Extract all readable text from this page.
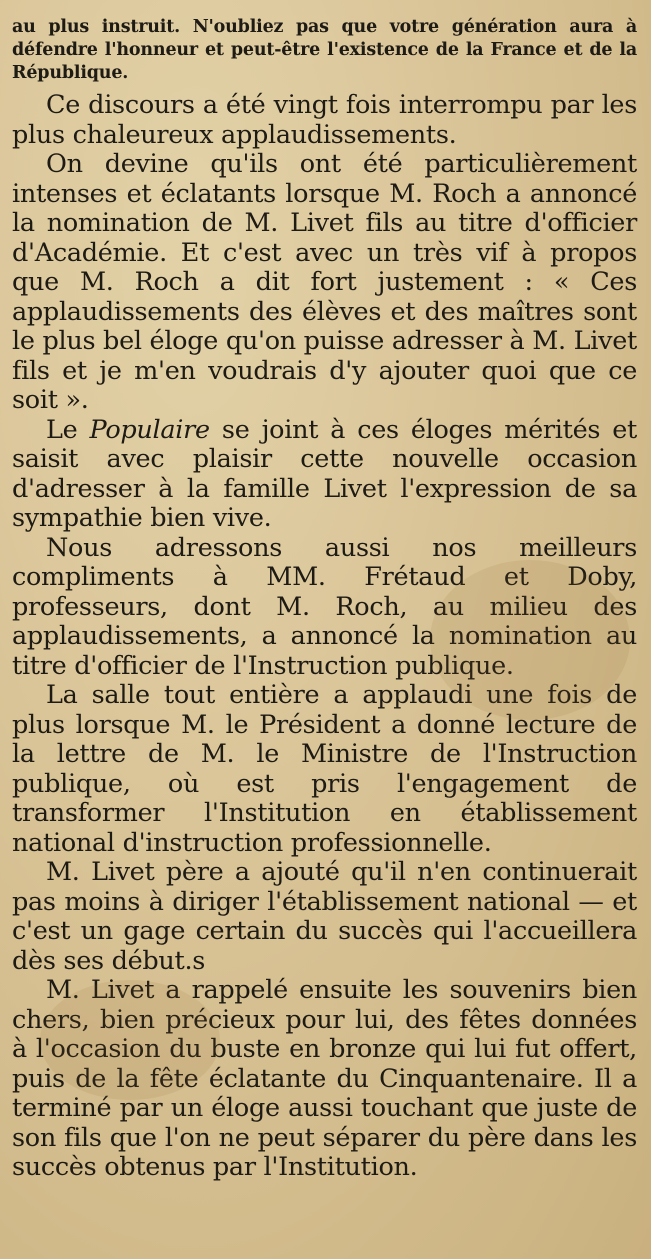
au plus instruit. N'oubliez pas que votre génération aura à défendre l'honneur et peut-être l'existence de la France et de la République.

Ce discours a été vingt fois interrompu par les plus chaleureux applaudissements.

On devine qu'ils ont été particulièrement intenses et éclatants lorsque M. Roch a annoncé la nomination de M. Livet fils au titre d'officier d'Académie. Et c'est avec un très vif à propos que M. Roch a dit fort justement : « Ces applaudissements des élèves et des maîtres sont le plus bel éloge qu'on puisse adresser à M. Livet fils et je m'en voudrais d'y ajouter quoi que ce soit ».

Le Populaire se joint à ces éloges mérités et saisit avec plaisir cette nouvelle occasion d'adresser à la famille Livet l'expression de sa sympathie bien vive.

Nous adressons aussi nos meilleurs compliments à MM. Frétaud et Doby, professeurs, dont M. Roch, au milieu des applaudissements, a annoncé la nomination au titre d'officier de l'Instruction publique.

La salle tout entière a applaudi une fois de plus lorsque M. le Président a donné lecture de la lettre de M. le Ministre de l'Instruction publique, où est pris l'engagement de transformer l'Institution en établissement national d'instruction professionnelle.

M. Livet père a ajouté qu'il n'en continuerait pas moins à diriger l'établissement national — et c'est un gage certain du succès qui l'accueillera dès ses début.s

M. Livet a rappelé ensuite les souvenirs bien chers, bien précieux pour lui, des fêtes données à l'occasion du buste en bronze qui lui fut offert, puis de la fête éclatante du Cinquantenaire. Il a terminé par un éloge aussi touchant que juste de son fils que l'on ne peut séparer du père dans les succès obtenus par l'Institution.
